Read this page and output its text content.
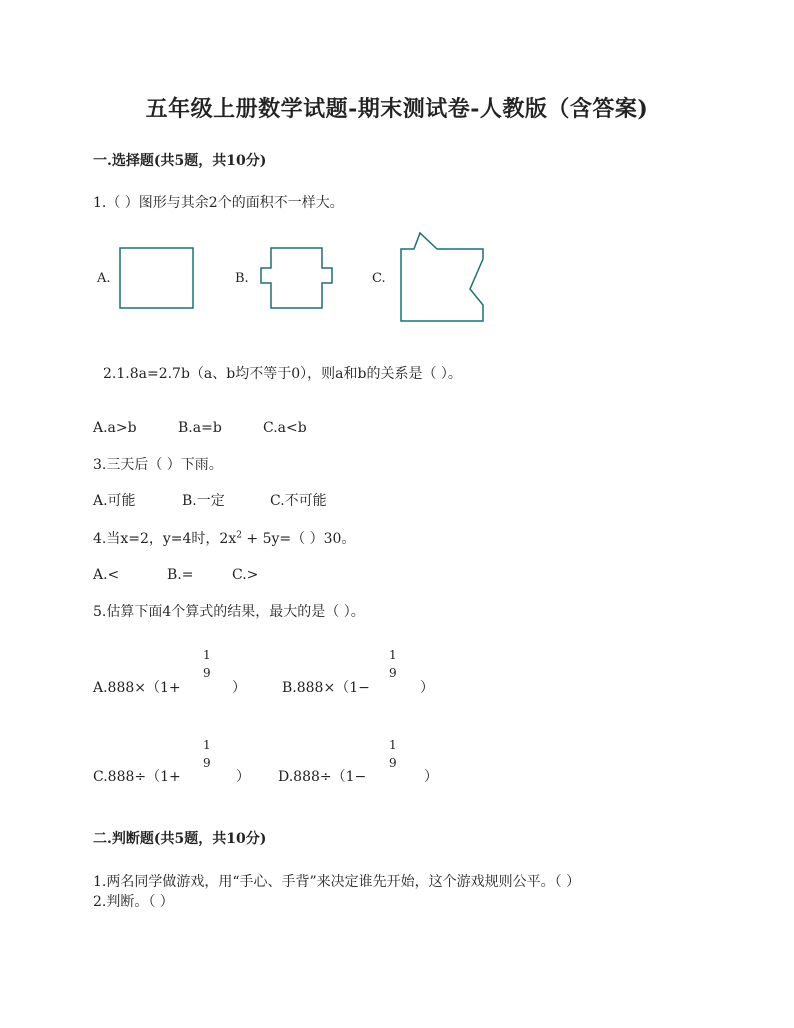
五年级上册数学试题-期末测试卷-人教版（含答案)
一.选择题(共5题，共10分)
1.（ ）图形与其余2个的面积不一样大。
A.	B.	C.
2.1.8a=2.7b（a、b均不等于0），则a和b的关系是（ ）。
A.a>b	B.a=b	C.a<b
3.三天后（ ）下雨。
A.可能	B.一定	C.不可能
4.当x=2，y=4时，$2x^2 + 5y=$（ ）30。
A.<	B.=	C.>
5.估算下面4个算式的结果，最大的是（ ）。
A.888×（1+
1
9
）	B.888×（1−
1
9
）
C.888÷（1+
1
9
） D.888÷（1−
1
9
）
二.判断题(共5题，共10分)
1.两名同学做游戏，用“手心、手背”来决定谁先开始，这个游戏规则公平。（ ）
2.判断。（ ）
